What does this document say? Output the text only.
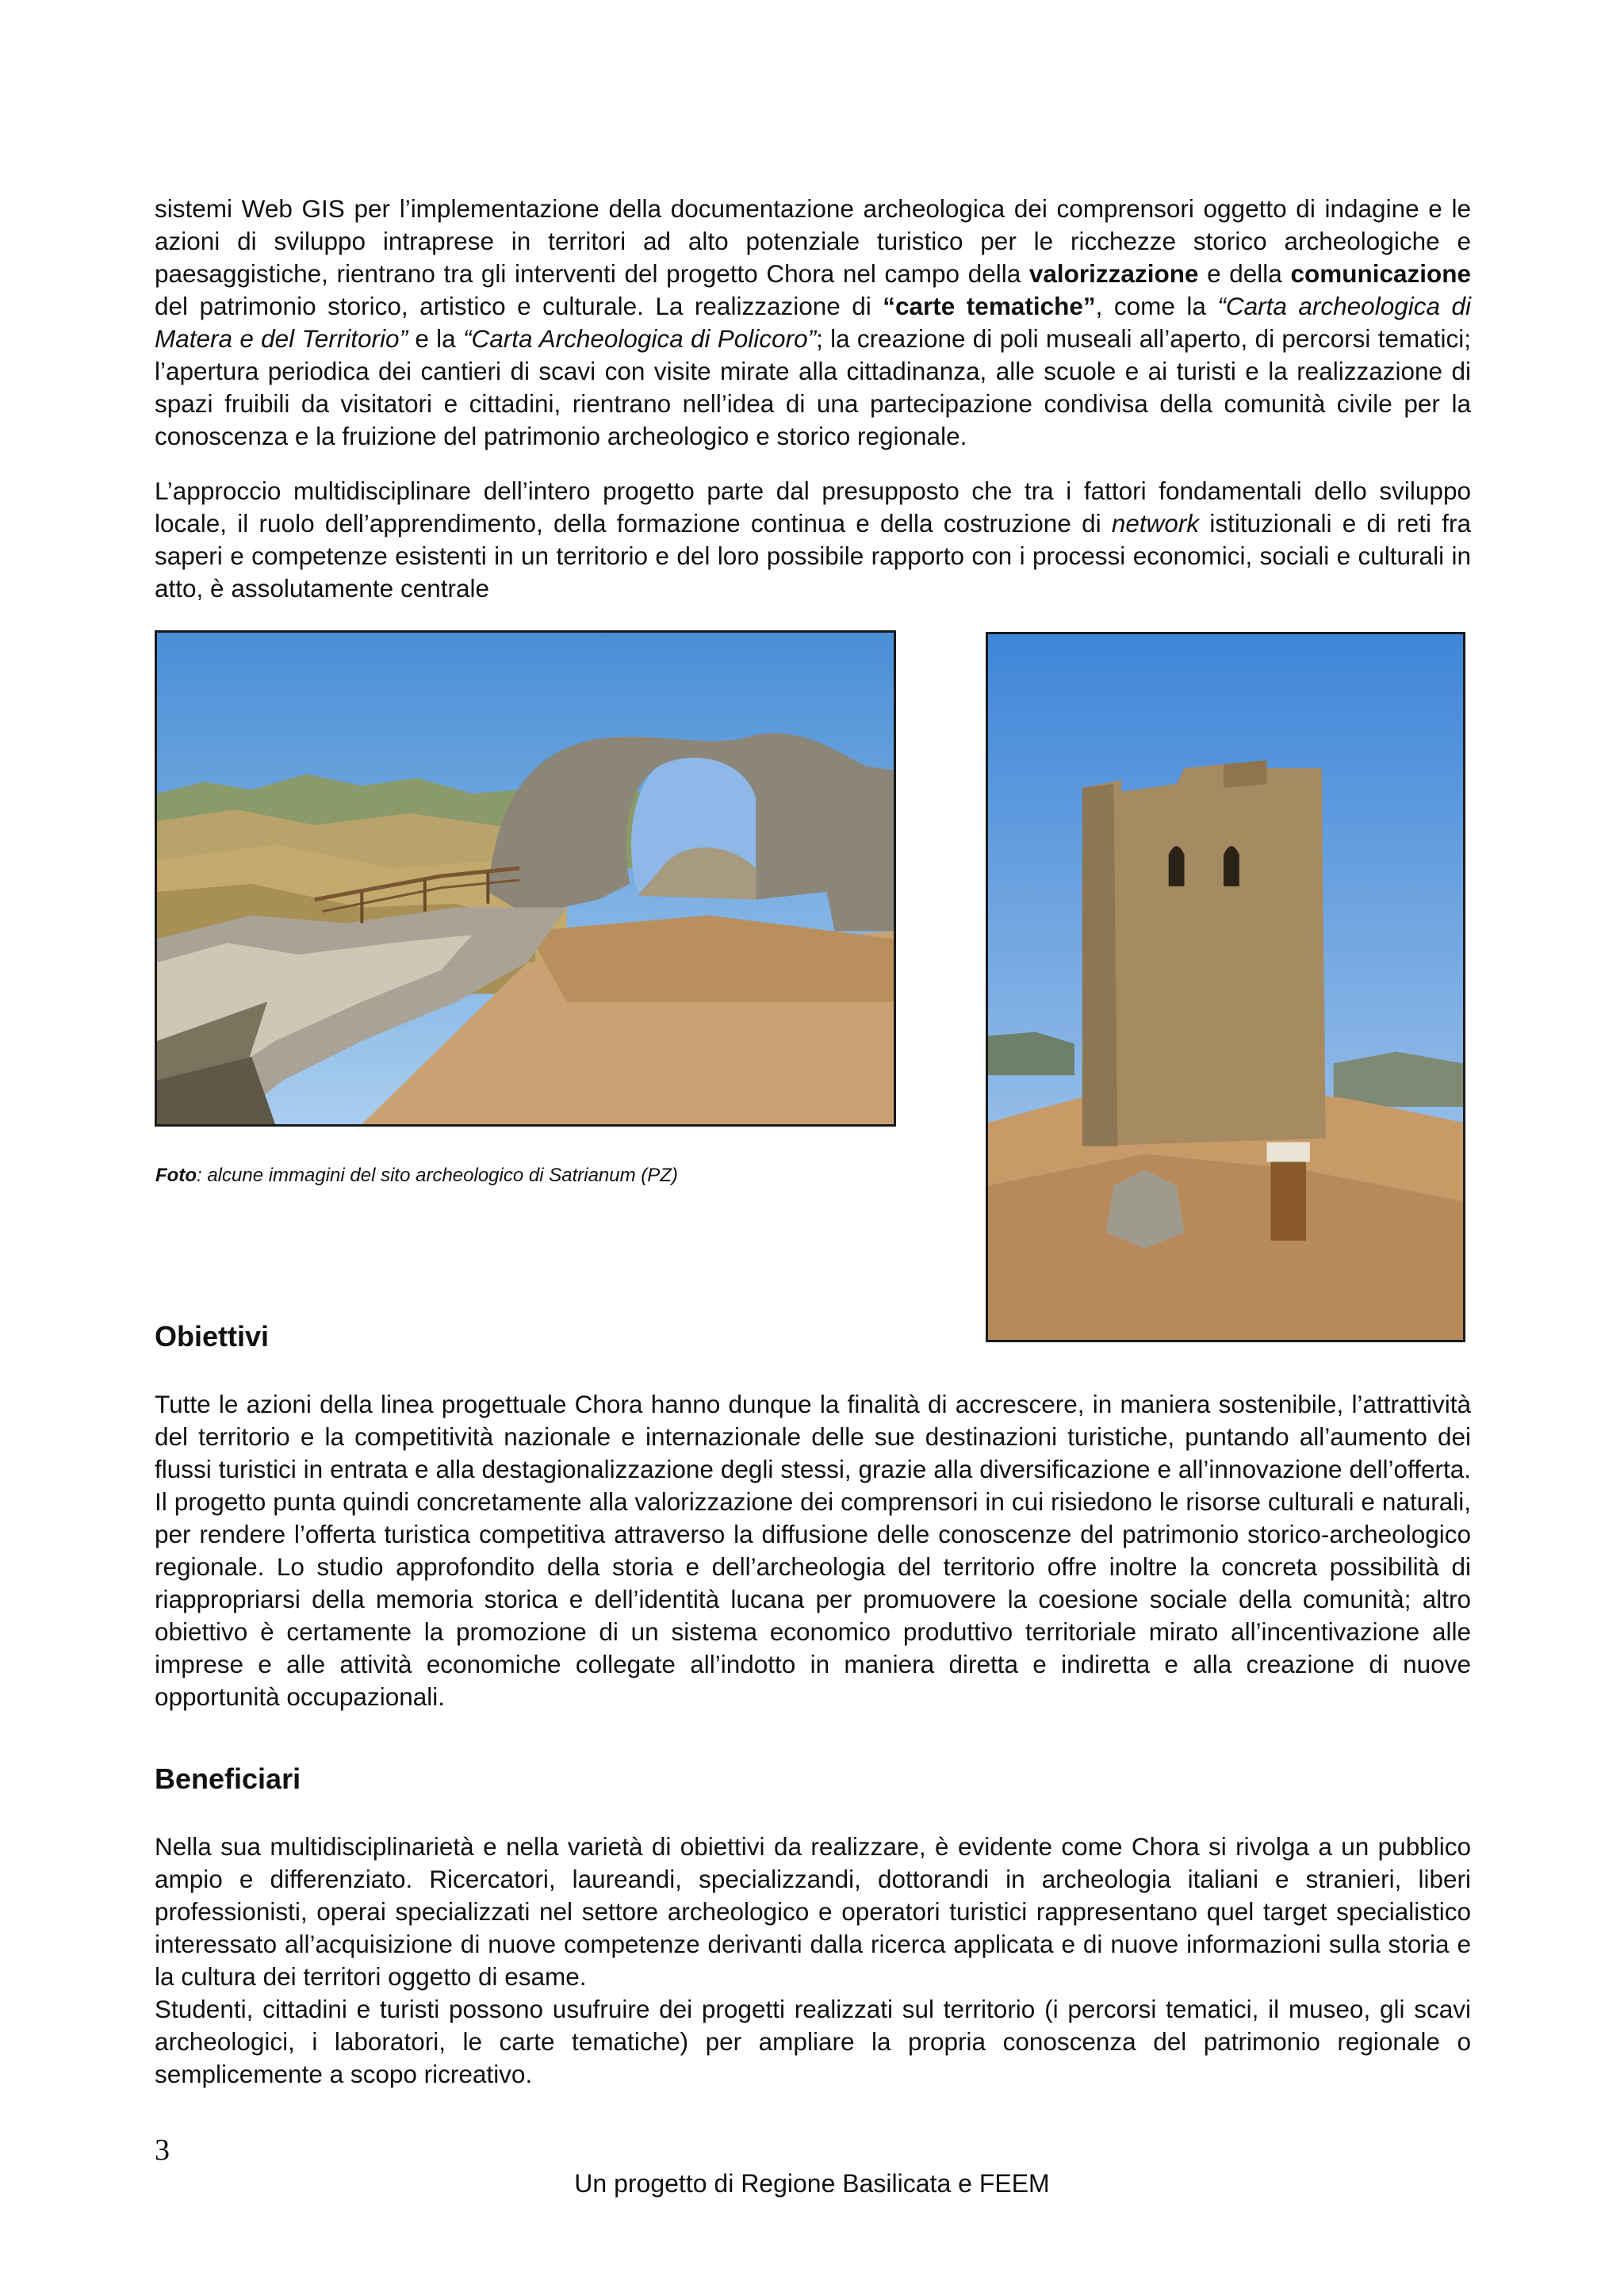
sistemi Web GIS per l’implementazione della documentazione archeologica dei comprensori oggetto di indagine e le azioni di sviluppo intraprese in territori ad alto potenziale turistico per le ricchezze storico archeologiche e paesaggistiche, rientrano tra gli interventi del progetto Chora nel campo della valorizzazione e della comunicazione del patrimonio storico, artistico e culturale. La realizzazione di “carte tematiche”, come la “Carta archeologica di Matera e del Territorio” e la “Carta Archeologica di Policoro”; la creazione di poli museali all’aperto, di percorsi tematici; l’apertura periodica dei cantieri di scavi con visite mirate alla cittadinanza, alle scuole e ai turisti e la realizzazione di spazi fruibili da visitatori e cittadini, rientrano nell’idea di una partecipazione condivisa della comunità civile per la conoscenza e la fruizione del patrimonio archeologico e storico regionale.

L’approccio multidisciplinare dell’intero progetto parte dal presupposto che tra i fattori fondamentali dello sviluppo locale, il ruolo dell’apprendimento, della formazione continua e della costruzione di network istituzionali e di reti fra saperi e competenze esistenti in un territorio e del loro possibile rapporto con i processi economici, sociali e culturali in atto, è assolutamente centrale

Foto: alcune immagini del sito archeologico di Satrianum (PZ)

Obiettivi

Tutte le azioni della linea progettuale Chora hanno dunque la finalità di accrescere, in maniera sostenibile, l’attrattività del territorio e la competitività nazionale e internazionale delle sue destinazioni turistiche, puntando all’aumento dei flussi turistici in entrata e alla destagionalizzazione degli stessi, grazie alla diversificazione e all’innovazione dell’offerta. Il progetto punta quindi concretamente alla valorizzazione dei comprensori in cui risiedono le risorse culturali e naturali, per rendere l’offerta turistica competitiva attraverso la diffusione delle conoscenze del patrimonio storico-archeologico regionale. Lo studio approfondito della storia e dell’archeologia del territorio offre inoltre la concreta possibilità di riappropriarsi della memoria storica e dell’identità lucana per promuovere la coesione sociale della comunità; altro obiettivo è certamente la promozione di un sistema economico produttivo territoriale mirato all’incentivazione alle imprese e alle attività economiche collegate all’indotto in maniera diretta e indiretta e alla creazione di nuove opportunità occupazionali.

Beneficiari

Nella sua multidisciplinarietà e nella varietà di obiettivi da realizzare, è evidente come Chora si rivolga a un pubblico ampio e differenziato. Ricercatori, laureandi, specializzandi, dottorandi in archeologia italiani e stranieri, liberi professionisti, operai specializzati nel settore archeologico e operatori turistici rappresentano quel target specialistico interessato all’acquisizione di nuove competenze derivanti dalla ricerca applicata e di nuove informazioni sulla storia e la cultura dei territori oggetto di esame.

Studenti, cittadini e turisti possono usufruire dei progetti realizzati sul territorio (i percorsi tematici, il museo, gli scavi archeologici, i laboratori, le carte tematiche) per ampliare la propria conoscenza del patrimonio regionale o semplicemente a scopo ricreativo.

3
Un progetto di Regione Basilicata e FEEM
